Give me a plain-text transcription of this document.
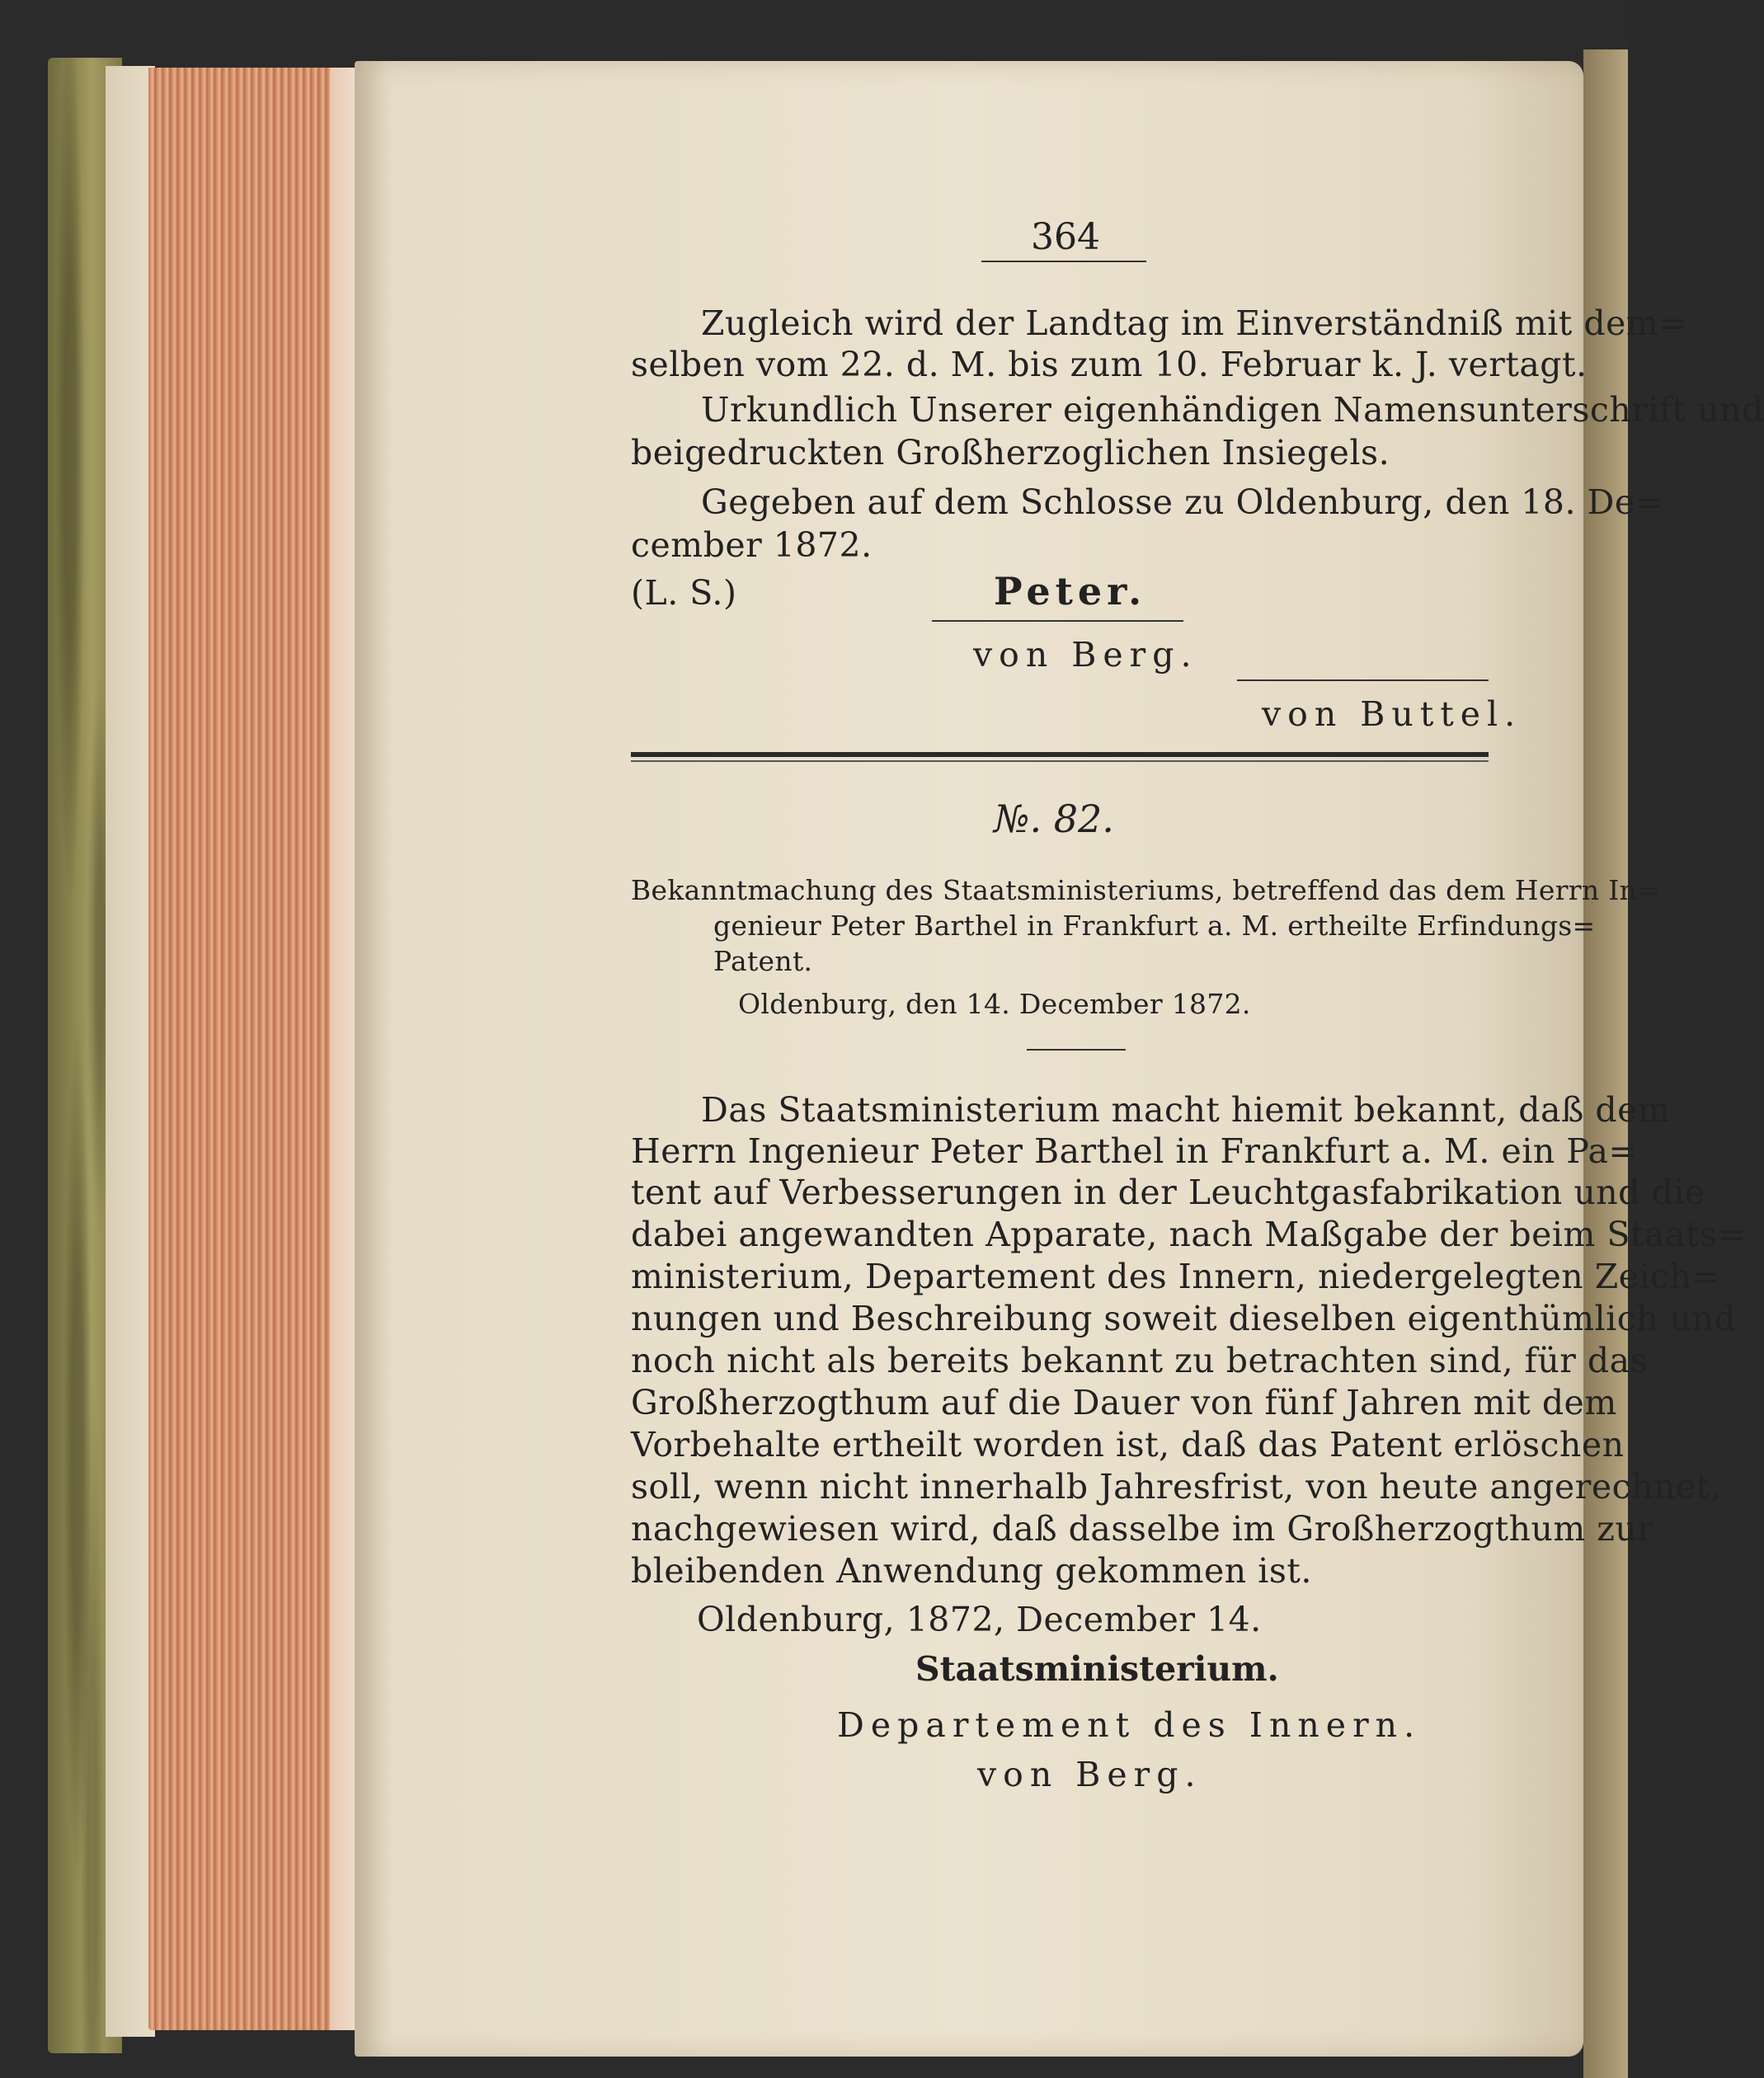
364
Zugleich wird der Landtag im Einverständniß mit dem=
selben vom 22. d. M. bis zum 10. Februar k. J. vertagt.
Urkundlich Unserer eigenhändigen Namensunterschrift und
beigedruckten Großherzoglichen Insiegels.
Gegeben auf dem Schlosse zu Oldenburg, den 18. De=
cember 1872.
(L. S.)	Peter.
von Berg.
von Buttel.
№. 82.
Bekanntmachung des Staatsministeriums, betreffend das dem Herrn In=
genieur Peter Barthel in Frankfurt a. M. ertheilte Erfindungs=
Patent.
Oldenburg, den 14. December 1872.
Das Staatsministerium macht hiemit bekannt, daß dem
Herrn Ingenieur Peter Barthel in Frankfurt a. M. ein Pa=
tent auf Verbesserungen in der Leuchtgasfabrikation und die
dabei angewandten Apparate, nach Maßgabe der beim Staats=
ministerium, Departement des Innern, niedergelegten Zeich=
nungen und Beschreibung soweit dieselben eigenthümlich und
noch nicht als bereits bekannt zu betrachten sind, für das
Großherzogthum auf die Dauer von fünf Jahren mit dem
Vorbehalte ertheilt worden ist, daß das Patent erlöschen
soll, wenn nicht innerhalb Jahresfrist, von heute angerechnet,
nachgewiesen wird, daß dasselbe im Großherzogthum zur
bleibenden Anwendung gekommen ist.
Oldenburg, 1872, December 14.
Staatsministerium.
Departement des Innern.
von Berg.
